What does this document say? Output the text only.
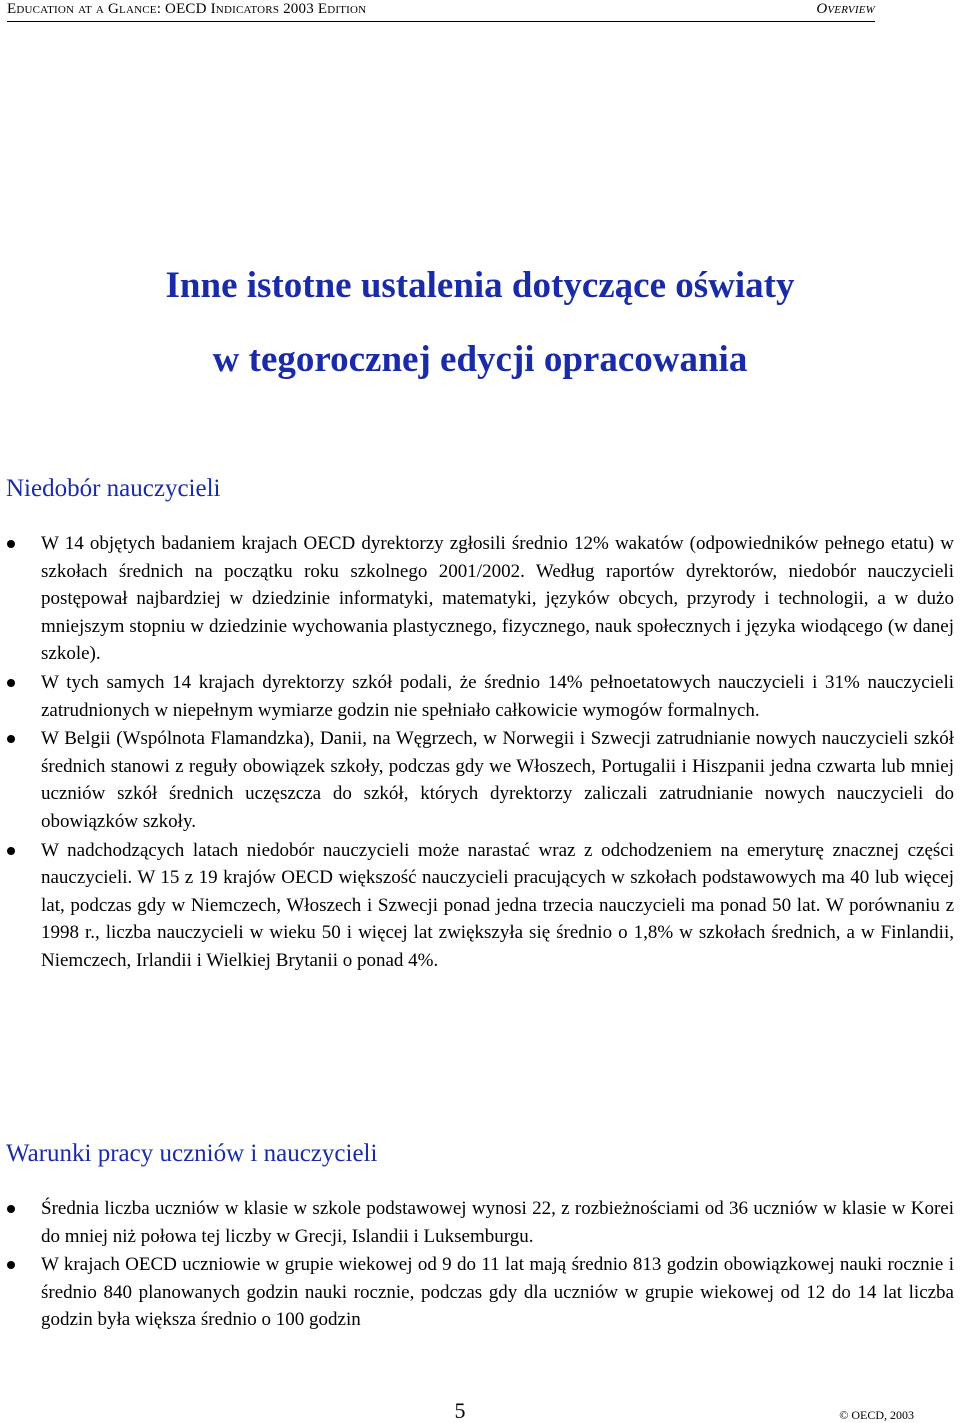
Education at a Glance: OECD Indicators 2003 Edition	Overview
Inne istotne ustalenia dotyczące oświaty
w tegorocznej edycji opracowania
Niedobór nauczycieli
W 14 objętych badaniem krajach OECD dyrektorzy zgłosili średnio 12% wakatów (odpowiedników pełnego etatu) w szkołach średnich na początku roku szkolnego 2001/2002. Według raportów dyrektorów, niedobór nauczycieli postępował najbardziej w dziedzinie informatyki, matematyki, języków obcych, przyrody i technologii, a w dużo mniejszym stopniu w dziedzinie wychowania plastycznego, fizycznego, nauk społecznych i języka wiodącego (w danej szkole).
W tych samych 14 krajach dyrektorzy szkół podali, że średnio 14% pełnoetatowych nauczycieli i 31% nauczycieli zatrudnionych w niepełnym wymiarze godzin nie spełniało całkowicie wymogów formalnych.
W Belgii (Wspólnota Flamandzka), Danii, na Węgrzech, w Norwegii i Szwecji zatrudnianie nowych nauczycieli szkół średnich stanowi z reguły obowiązek szkoły, podczas gdy we Włoszech, Portugalii i Hiszpanii jedna czwarta lub mniej uczniów szkół średnich uczęszcza do szkół, których dyrektorzy zaliczali zatrudnianie nowych nauczycieli do obowiązków szkoły.
W nadchodzących latach niedobór nauczycieli może narastać wraz z odchodzeniem na emeryturę znacznej części nauczycieli. W 15 z 19 krajów OECD większość nauczycieli pracujących w szkołach podstawowych ma 40 lub więcej lat, podczas gdy w Niemczech, Włoszech i Szwecji ponad jedna trzecia nauczycieli ma ponad 50 lat. W porównaniu z 1998 r., liczba nauczycieli w wieku 50 i więcej lat zwiększyła się średnio o 1,8% w szkołach średnich, a w Finlandii, Niemczech, Irlandii i Wielkiej Brytanii o ponad 4%.
Warunki pracy uczniów i nauczycieli
Średnia liczba uczniów w klasie w szkole podstawowej wynosi 22, z rozbieżnościami od 36 uczniów w klasie w Korei do mniej niż połowa tej liczby w Grecji, Islandii i Luksemburgu.
W krajach OECD uczniowie w grupie wiekowej od 9 do 11 lat mają średnio 813 godzin obowiązkowej nauki rocznie i średnio 840 planowanych godzin nauki rocznie, podczas gdy dla uczniów w grupie wiekowej od 12 do 14 lat liczba godzin była większa średnio o 100 godzin
5	© OECD, 2003
